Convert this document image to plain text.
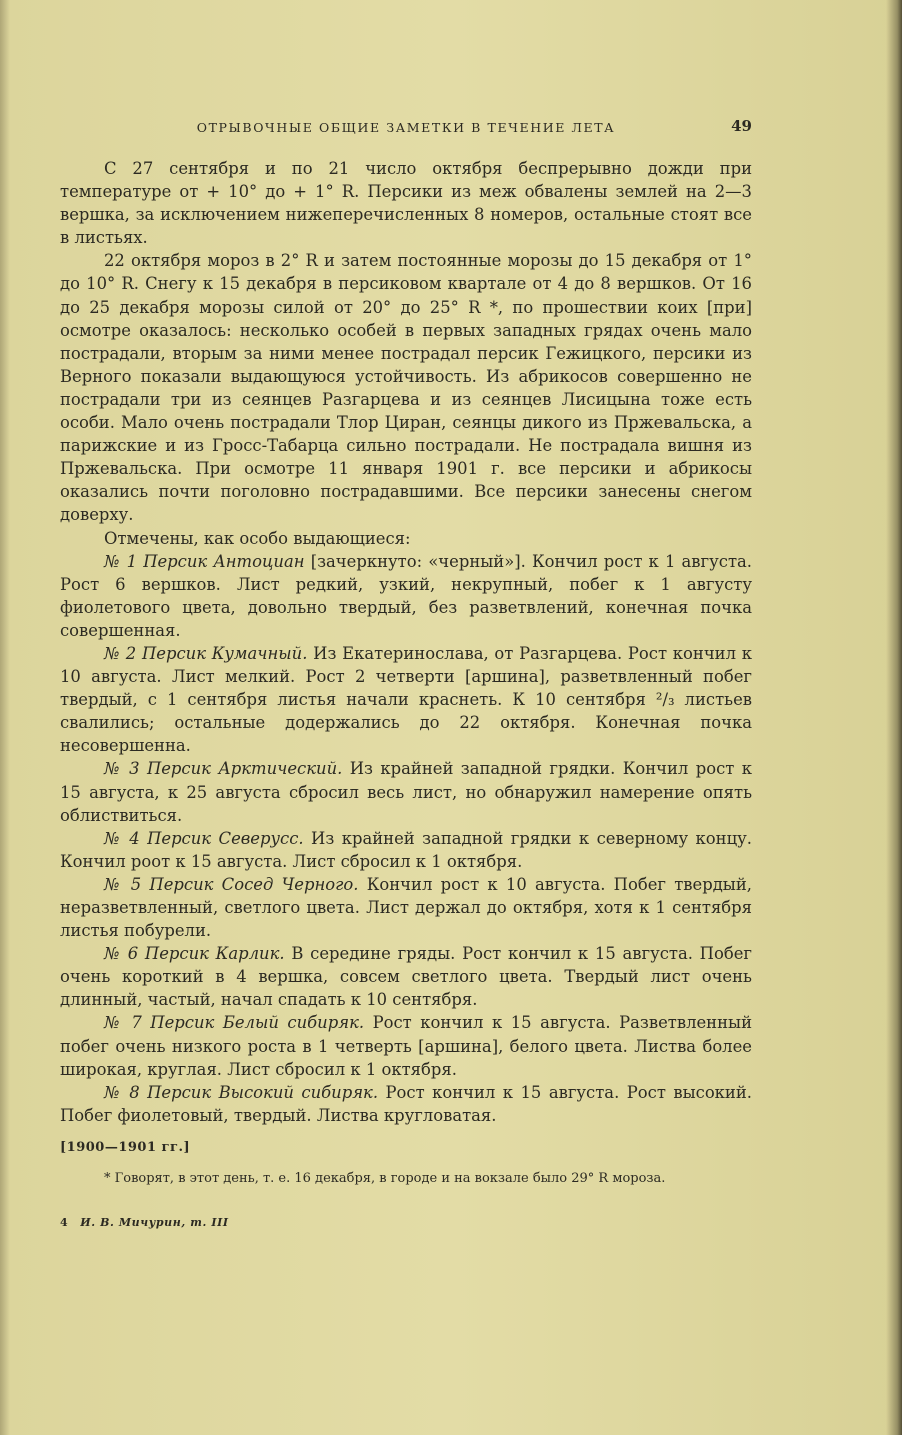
ОТРЫВОЧНЫЕ ОБЩИЕ ЗАМЕТКИ В ТЕЧЕНИЕ ЛЕТА	49

С 27 сентября и по 21 число октября беспрерывно дожди при температуре от + 10° до + 1° R. Персики из меж обвалены землей на 2—3 вершка, за исключением нижеперечисленных 8 номеров, остальные стоят все в листьях.

22 октября мороз в 2° R и затем постоянные морозы до 15 декабря от 1° до 10° R. Снегу к 15 декабря в персиковом квартале от 4 до 8 вершков. От 16 до 25 декабря морозы силой от 20° до 25° R *, по прошествии коих [при] осмотре оказалось: несколько особей в первых западных грядах очень мало пострадали, вторым за ними менее пострадал персик Гежицкого, персики из Верного показали выдающуюся устойчивость. Из абрикосов совершенно не пострадали три из сеянцев Разгарцева и из сеянцев Лисицына тоже есть особи. Мало очень пострадали Тлор Циран, сеянцы дикого из Пржевальска, а парижские и из Гросс-Табарца сильно пострадали. Не пострадала вишня из Пржевальска. При осмотре 11 января 1901 г. все персики и абрикосы оказались почти поголовно пострадавшими. Все персики занесены снегом доверху.

Отмечены, как особо выдающиеся:

№ 1 Персик Антоциан [зачеркнуто: «черный»]. Кончил рост к 1 августа. Рост 6 вершков. Лист редкий, узкий, некрупный, побег к 1 августу фиолетового цвета, довольно твердый, без разветвлений, конечная почка совершенная.

№ 2 Персик Кумачный. Из Екатеринослава, от Разгарцева. Рост кончил к 10 августа. Лист мелкий. Рост 2 четверти [аршина], разветвленный побег твердый, с 1 сентября листья начали краснеть. К 10 сентября ²/₃ листьев свалились; остальные додержались до 22 октября. Конечная почка несовершенна.

№ 3 Персик Арктический. Из крайней западной грядки. Кончил рост к 15 августа, к 25 августа сбросил весь лист, но обнаружил намерение опять облиствиться.

№ 4 Персик Северусс. Из крайней западной грядки к северному концу. Кончил роот к 15 августа. Лист сбросил к 1 октября.

№ 5 Персик Сосед Черного. Кончил рост к 10 августа. Побег твердый, неразветвленный, светлого цвета. Лист держал до октября, хотя к 1 сентября листья побурели.

№ 6 Персик Карлик. В середине гряды. Рост кончил к 15 августа. Побег очень короткий в 4 вершка, совсем светлого цвета. Твердый лист очень длинный, частый, начал спадать к 10 сентября.

№ 7 Персик Белый сибиряк. Рост кончил к 15 августа. Разветвленный побег очень низкого роста в 1 четверть [аршина], белого цвета. Листва более широкая, круглая. Лист сбросил к 1 октября.

№ 8 Персик Высокий сибиряк. Рост кончил к 15 августа. Рост высокий. Побег фиолетовый, твердый. Листва кругловатая.

[1900—1901 гг.]
* Говорят, в этот день, т. е. 16 декабря, в городе и на вокзале было 29° R мороза.
4 И. В. Мичурин, т. III
